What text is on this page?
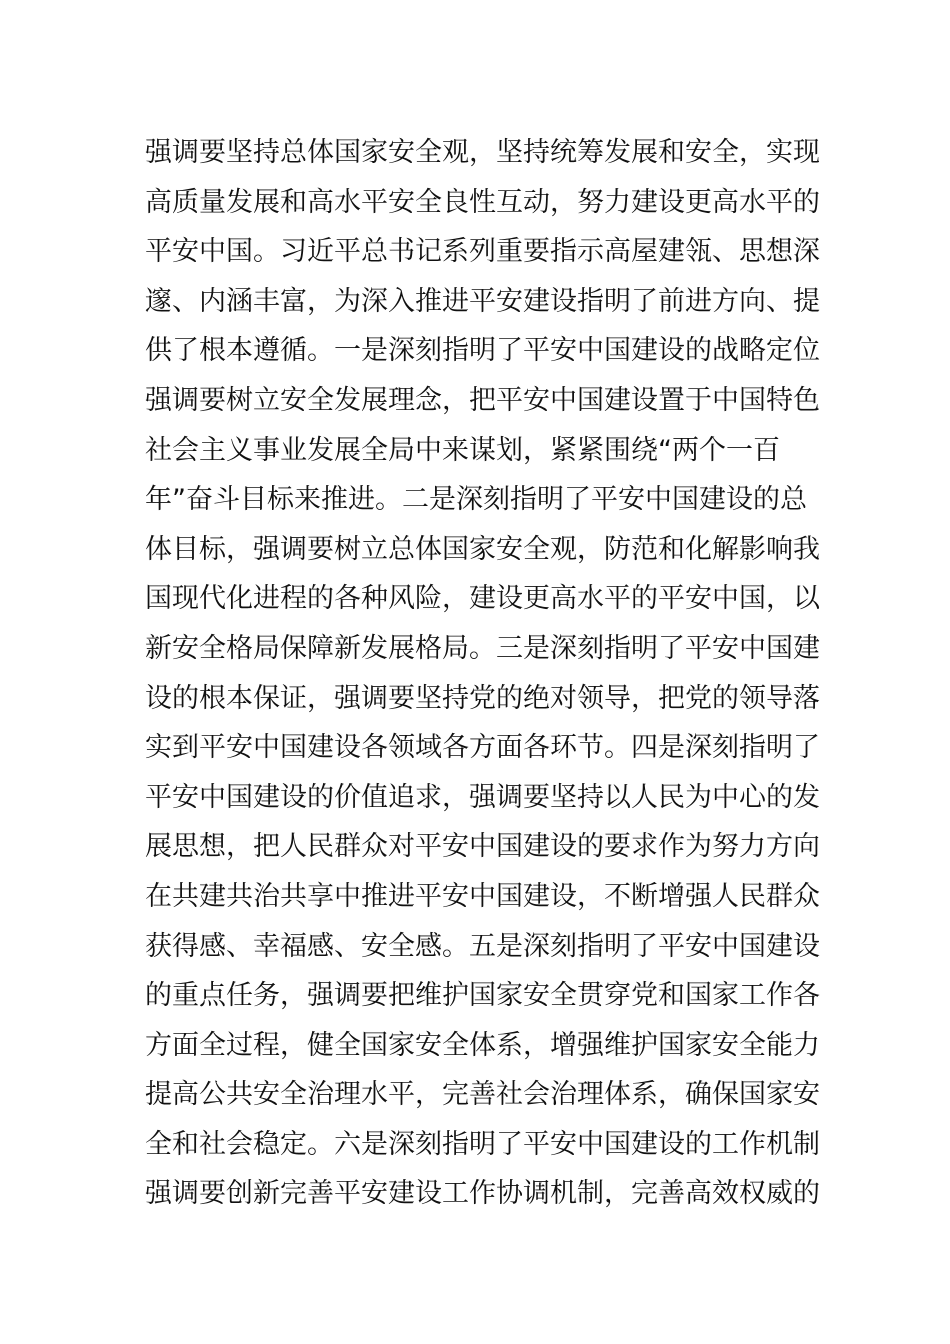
强调要坚持总体国家安全观，坚持统筹发展和安全，实现
高质量发展和高水平安全良性互动，努力建设更高水平的
平安中国。习近平总书记系列重要指示高屋建瓴、思想深
邃、内涵丰富，为深入推进平安建设指明了前进方向、提
供了根本遵循。一是深刻指明了平安中国建设的战略定位
强调要树立安全发展理念，把平安中国建设置于中国特色
社会主义事业发展全局中来谋划，紧紧围绕“两个一百
年”奋斗目标来推进。二是深刻指明了平安中国建设的总
体目标，强调要树立总体国家安全观，防范和化解影响我
国现代化进程的各种风险，建设更高水平的平安中国，以
新安全格局保障新发展格局。三是深刻指明了平安中国建
设的根本保证，强调要坚持党的绝对领导，把党的领导落
实到平安中国建设各领域各方面各环节。四是深刻指明了
平安中国建设的价值追求，强调要坚持以人民为中心的发
展思想，把人民群众对平安中国建设的要求作为努力方向
在共建共治共享中推进平安中国建设，不断增强人民群众
获得感、幸福感、安全感。五是深刻指明了平安中国建设
的重点任务，强调要把维护国家安全贯穿党和国家工作各
方面全过程，健全国家安全体系，增强维护国家安全能力
提高公共安全治理水平，完善社会治理体系，确保国家安
全和社会稳定。六是深刻指明了平安中国建设的工作机制
强调要创新完善平安建设工作协调机制，完善高效权威的
